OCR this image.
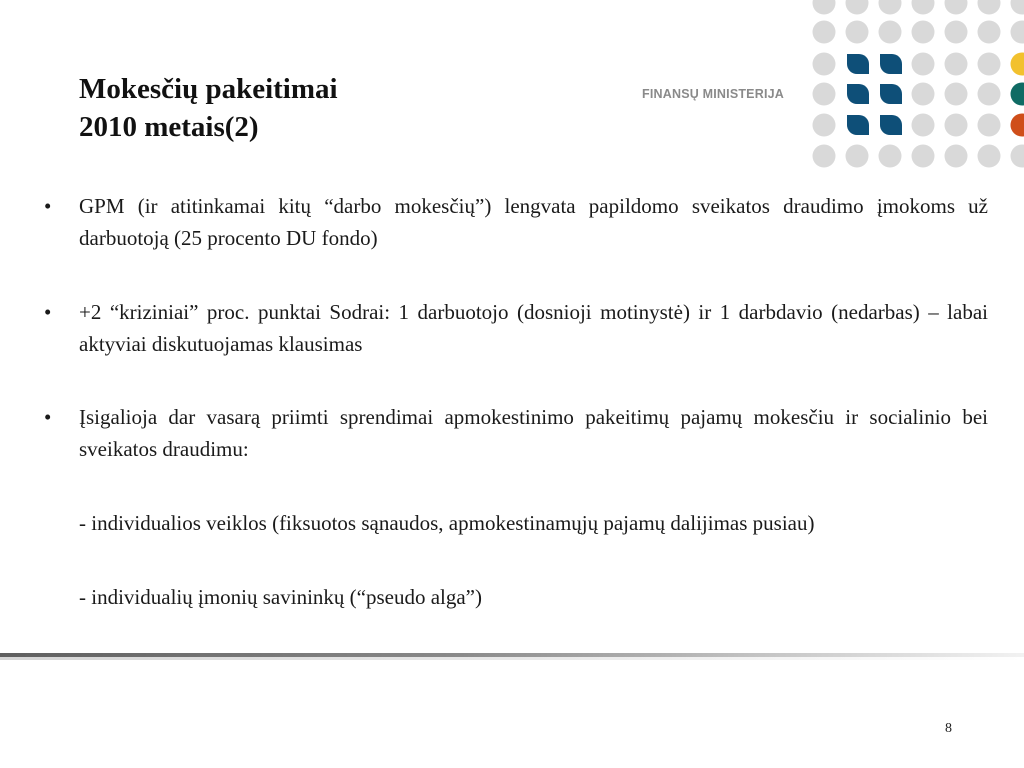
Mokesčių pakeitimai
2010 metais(2)
FINANSŲ MINISTERIJA

• GPM (ir atitinkamai kitų “darbo mokesčių”) lengvata papildomo sveikatos draudimo įmokoms už darbuotoją (25 procento DU fondo)

• +2 “kriziniai” proc. punktai Sodrai: 1 darbuotojo (dosnioji motinystė) ir 1 darbdavio (nedarbas) – labai aktyviai diskutuojamas klausimas

• Įsigalioja dar vasarą priimti sprendimai apmokestinimo pakeitimų pajamų mokesčiu ir socialinio bei sveikatos draudimu:

- individualios veiklos (fiksuotos sąnaudos, apmokestinamųjų pajamų dalijimas pusiau)

- individualių įmonių savininkų (“pseudo alga”)

8
